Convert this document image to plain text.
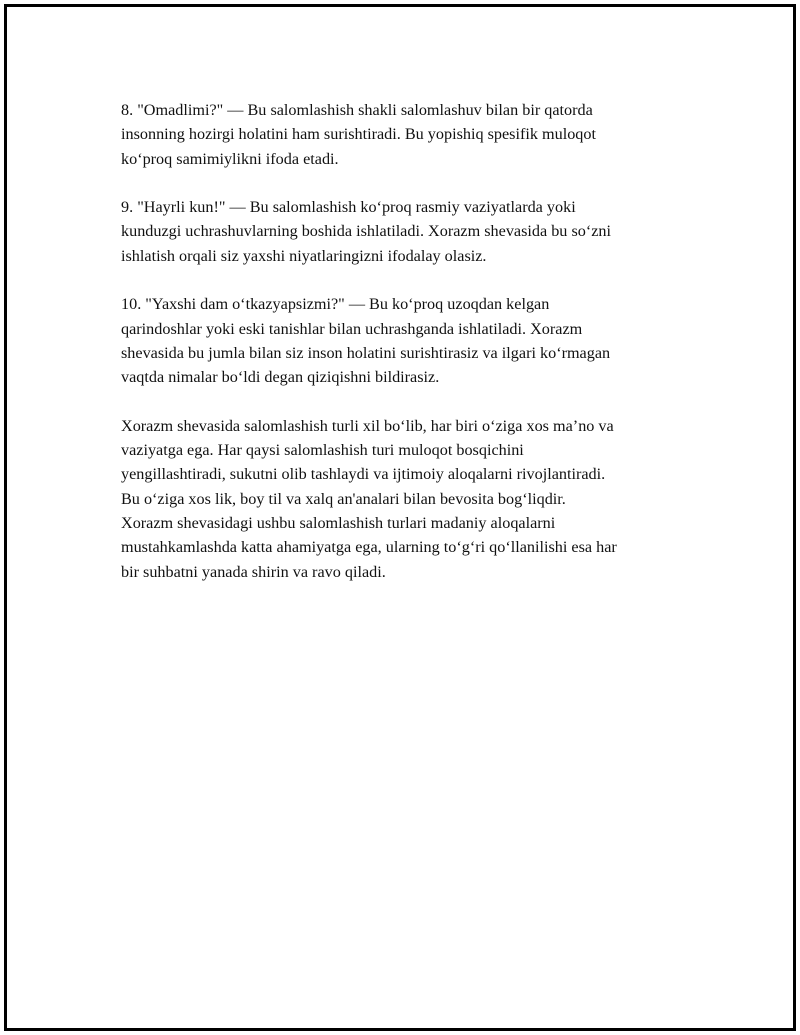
8. "Omadlimi?" — Bu salomlashish shakli salomlashuv bilan bir qatorda
insonning hozirgi holatini ham surishtiradi. Bu yopishiq spesifik muloqot
ko‘proq samimiylikni ifoda etadi.

9. "Hayrli kun!" — Bu salomlashish ko‘proq rasmiy vaziyatlarda yoki
kunduzgi uchrashuvlarning boshida ishlatiladi. Xorazm shevasida bu so‘zni
ishlatish orqali siz yaxshi niyatlaringizni ifodalay olasiz.

10. "Yaxshi dam o‘tkazyapsizmi?" — Bu ko‘proq uzoqdan kelgan
qarindoshlar yoki eski tanishlar bilan uchrashganda ishlatiladi. Xorazm
shevasida bu jumla bilan siz inson holatini surishtirasiz va ilgari ko‘rmagan
vaqtda nimalar bo‘ldi degan qiziqishni bildirasiz.

Xorazm shevasida salomlashish turli xil bo‘lib, har biri o‘ziga xos ma’no va
vaziyatga ega. Har qaysi salomlashish turi muloqot bosqichini
yengillashtiradi, sukutni olib tashlaydi va ijtimoiy aloqalarni rivojlantiradi.
Bu o‘ziga xos lik, boy til va xalq an'analari bilan bevosita bog‘liqdir.
Xorazm shevasidagi ushbu salomlashish turlari madaniy aloqalarni
mustahkamlashda katta ahamiyatga ega, ularning to‘g‘ri qo‘llanilishi esa har
bir suhbatni yanada shirin va ravo qiladi.
